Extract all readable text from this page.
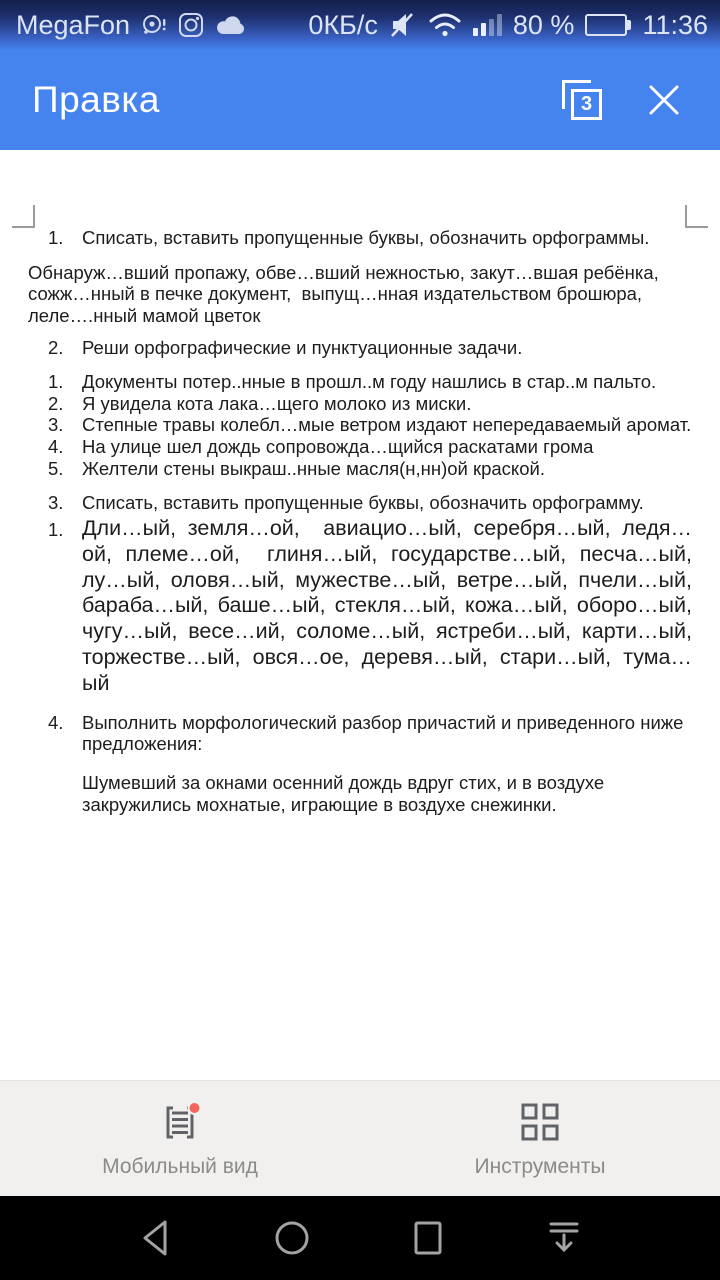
MegaFon	0КБ/с	80 %	11:36
Правка	3
1.	Списать, вставить пропущенные буквы, обозначить орфограммы.
Обнаруж…вший пропажу, обве…вший нежностью, закут…вшая ребёнка, сожж…нный в печке документ,  выпущ…нная издательством брошюра, леле….нный мамой цветок
2.	Реши орфографические и пунктуационные задачи.
1.	Документы потер..нные в прошл..м году нашлись в стар..м пальто.
2.	Я увидела кота лака…щего молоко из миски.
3.	Степные травы колебл…мые ветром издают непередаваемый аромат.
4.	На улице шел дождь сопровожда…щийся раскатами грома
5.	Желтели стены выкраш..нные масля(н,нн)ой краской.
3.	Списать, вставить пропущенные буквы, обозначить орфограмму.
1. Дли…ый, земля…ой,  авиацио…ый, серебря…ый, ледя…ой, племе…ой,  глиня…ый, государстве…ый, песча…ый, лу…ый, оловя…ый, мужестве…ый, ветре…ый, пчели…ый, бараба…ый, баше…ый, стекля…ый, кожа…ый, оборо…ый, чугу…ый, весе…ий, соломе…ый, ястреби…ый, карти…ый, торжестве…ый, овся…ое, деревя…ый, стари…ый, тума…ый
4.	Выполнить морфологический разбор причастий и приведенного ниже предложения:
Шумевший за окнами осенний дождь вдруг стих, и в воздухе закружились мохнатые, играющие в воздухе снежинки.
Мобильный вид	Инструменты
